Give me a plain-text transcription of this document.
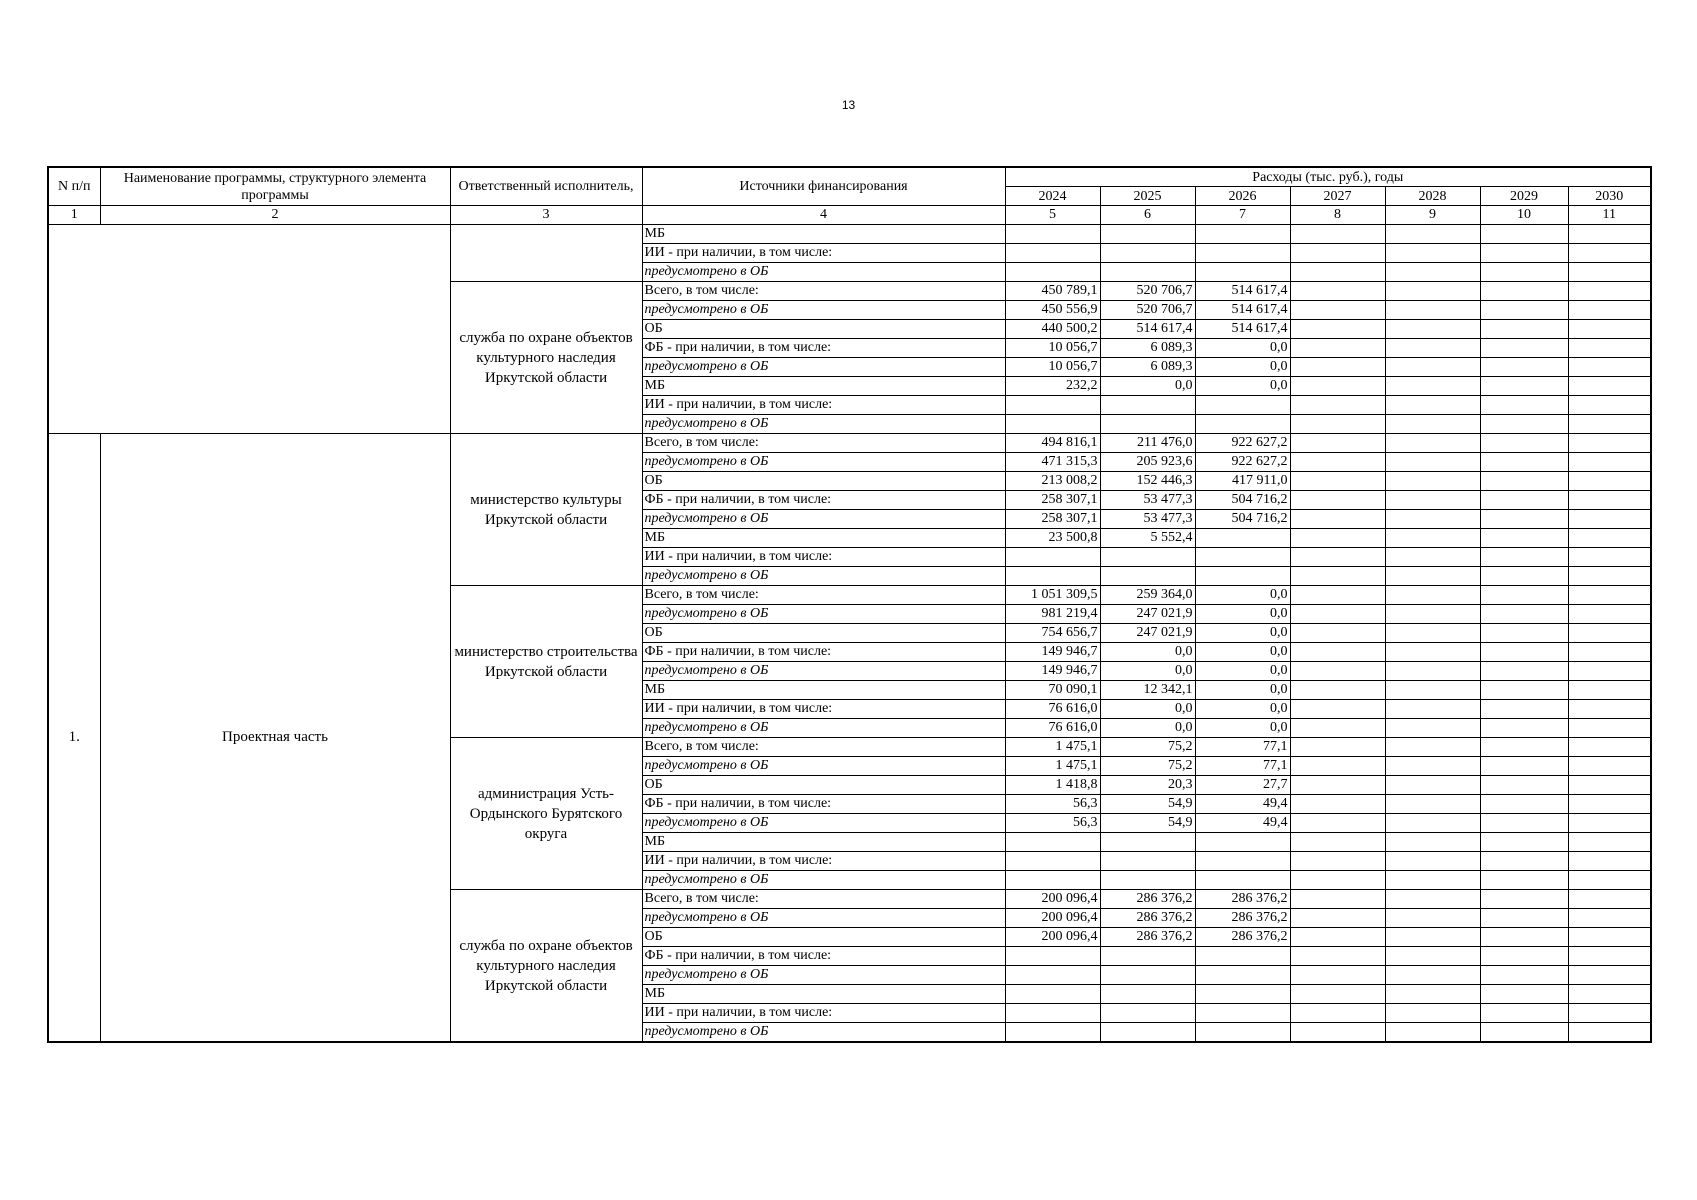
13
N п/п	Наименование программы, структурного элемента программы	Ответственный исполнитель,	Источники финансирования	Расходы (тыс. руб.), годы						
				2024	2025	2026	2027	2028	2029	2030
1	2	3	4	5	6	7	8	9	10	11
			МБ							
			ИИ - при наличии, в том числе:							
			предусмотрено в ОБ							
		служба по охране объектов культурного наследия Иркутской области	Всего, в том числе:	450 789,1	520 706,7	514 617,4				
			предусмотрено в ОБ	450 556,9	520 706,7	514 617,4				
			ОБ	440 500,2	514 617,4	514 617,4				
			ФБ - при наличии, в том числе:	10 056,7	6 089,3	0,0				
			предусмотрено в ОБ	10 056,7	6 089,3	0,0				
			МБ	232,2	0,0	0,0				
			ИИ - при наличии, в том числе:							
			предусмотрено в ОБ							
1.	Проектная часть	министерство культуры Иркутской области	Всего, в том числе:	494 816,1	211 476,0	922 627,2				
			предусмотрено в ОБ	471 315,3	205 923,6	922 627,2				
			ОБ	213 008,2	152 446,3	417 911,0				
			ФБ - при наличии, в том числе:	258 307,1	53 477,3	504 716,2				
			предусмотрено в ОБ	258 307,1	53 477,3	504 716,2				
			МБ	23 500,8	5 552,4					
			ИИ - при наличии, в том числе:							
			предусмотрено в ОБ							
		министерство строительства Иркутской области	Всего, в том числе:	1 051 309,5	259 364,0	0,0				
			предусмотрено в ОБ	981 219,4	247 021,9	0,0				
			ОБ	754 656,7	247 021,9	0,0				
			ФБ - при наличии, в том числе:	149 946,7	0,0	0,0				
			предусмотрено в ОБ	149 946,7	0,0	0,0				
			МБ	70 090,1	12 342,1	0,0				
			ИИ - при наличии, в том числе:	76 616,0	0,0	0,0				
			предусмотрено в ОБ	76 616,0	0,0	0,0				
		администрация Усть-Ордынского Бурятского округа	Всего, в том числе:	1 475,1	75,2	77,1				
			предусмотрено в ОБ	1 475,1	75,2	77,1				
			ОБ	1 418,8	20,3	27,7				
			ФБ - при наличии, в том числе:	56,3	54,9	49,4				
			предусмотрено в ОБ	56,3	54,9	49,4				
			МБ							
			ИИ - при наличии, в том числе:							
			предусмотрено в ОБ							
		служба по охране объектов культурного наследия Иркутской области	Всего, в том числе:	200 096,4	286 376,2	286 376,2				
			предусмотрено в ОБ	200 096,4	286 376,2	286 376,2				
			ОБ	200 096,4	286 376,2	286 376,2				
			ФБ - при наличии, в том числе:							
			предусмотрено в ОБ							
			МБ							
			ИИ - при наличии, в том числе:							
			предусмотрено в ОБ							
